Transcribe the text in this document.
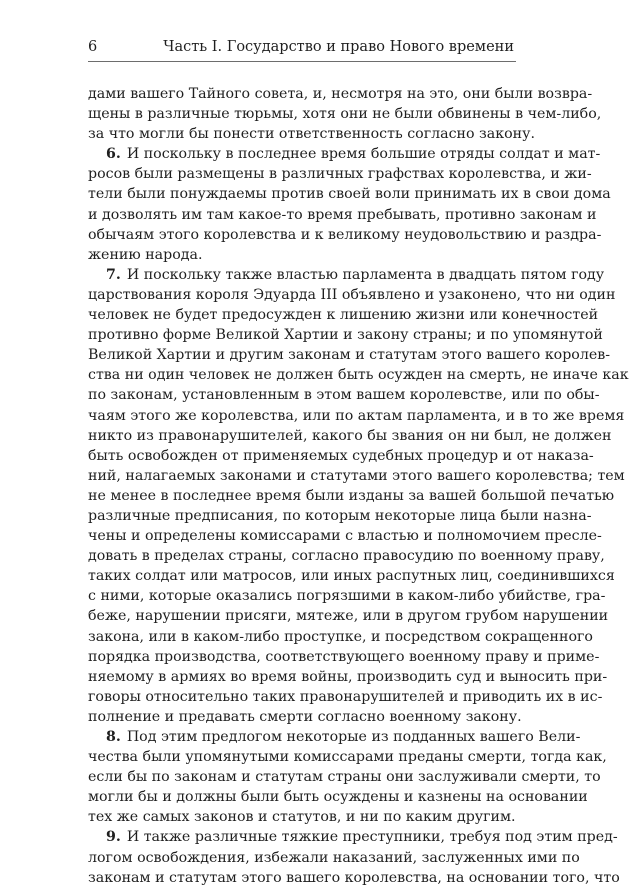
6	Часть I. Государство и право Нового времени
дами вашего Тайного совета, и, несмотря на это, они были возвра-
щены в различные тюрьмы, хотя они не были обвинены в чем-либо,
за что могли бы понести ответственность согласно закону.
6. И поскольку в последнее время большие отряды солдат и мат-
росов были размещены в различных графствах королевства, и жи-
тели были понуждаемы против своей воли принимать их в свои дома
и дозволять им там какое-то время пребывать, противно законам и
обычаям этого королевства и к великому неудовольствию и раздра-
жению народа.
7. И поскольку также властью парламента в двадцать пятом году
царствования короля Эдуарда III объявлено и узаконено, что ни один
человек не будет предосужден к лишению жизни или конечностей
противно форме Великой Хартии и закону страны; и по упомянутой
Великой Хартии и другим законам и статутам этого вашего королев-
ства ни один человек не должен быть осужден на смерть, не иначе как
по законам, установленным в этом вашем королевстве, или по обы-
чаям этого же королевства, или по актам парламента, и в то же время
никто из правонарушителей, какого бы звания он ни был, не должен
быть освобожден от применяемых судебных процедур и от наказа-
ний, налагаемых законами и статутами этого вашего королевства; тем
не менее в последнее время были изданы за вашей большой печатью
различные предписания, по которым некоторые лица были назна-
чены и определены комиссарами с властью и полномочием пресле-
довать в пределах страны, согласно правосудию по военному праву,
таких солдат или матросов, или иных распутных лиц, соединившихся
с ними, которые оказались погрязшими в каком-либо убийстве, гра-
беже, нарушении присяги, мятеже, или в другом грубом нарушении
закона, или в каком-либо проступке, и посредством сокращенного
порядка производства, соответствующего военному праву и приме-
няемому в армиях во время войны, производить суд и выносить при-
говоры относительно таких правонарушителей и приводить их в ис-
полнение и предавать смерти согласно военному закону.
8. Под этим предлогом некоторые из подданных вашего Вели-
чества были упомянутыми комиссарами преданы смерти, тогда как,
если бы по законам и статутам страны они заслуживали смерти, то
могли бы и должны были быть осуждены и казнены на основании
тех же самых законов и статутов, и ни по каким другим.
9. И также различные тяжкие преступники, требуя под этим пред-
логом освобождения, избежали наказаний, заслуженных ими по
законам и статутам этого вашего королевства, на основании того, что
